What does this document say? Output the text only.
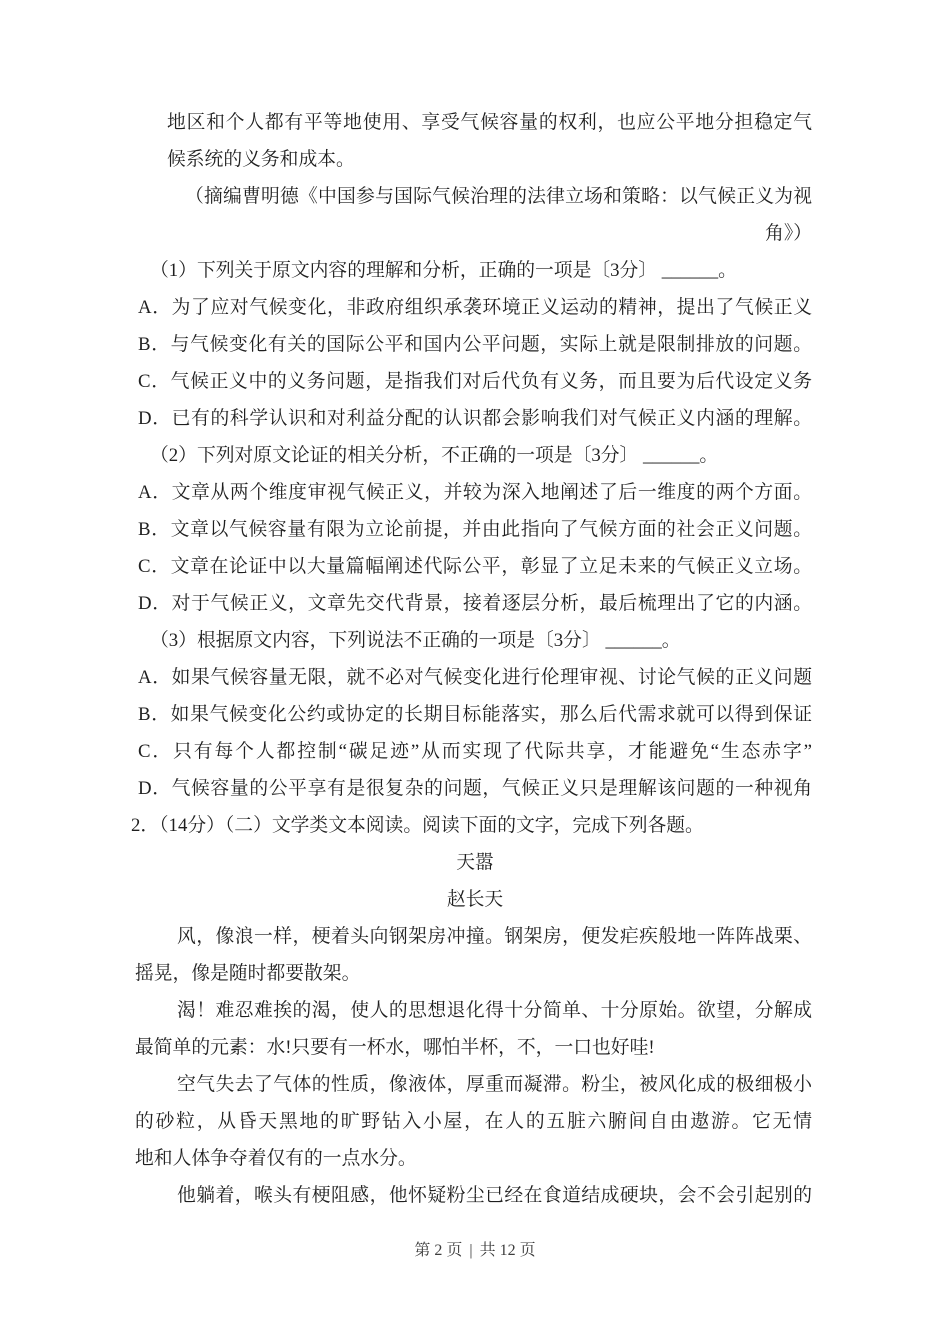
地区和个人都有平等地使用、享受气候容量的权利，也应公平地分担稳定气
候系统的义务和成本。
（摘编曹明德《中国参与国际气候治理的法律立场和策略：以气候正义为视
角》）
（1）下列关于原文内容的理解和分析，正确的一项是〔3分〕 ______。
A．为了应对气候变化，非政府组织承袭环境正义运动的精神，提出了气候正义
B．与气候变化有关的国际公平和国内公平问题，实际上就是限制排放的问题。
C．气候正义中的义务问题，是指我们对后代负有义务，而且要为后代设定义务
D．已有的科学认识和对利益分配的认识都会影响我们对气候正义内涵的理解。
（2）下列对原文论证的相关分析，不正确的一项是〔3分〕 ______。
A．文章从两个维度审视气候正义，并较为深入地阐述了后一维度的两个方面。
B．文章以气候容量有限为立论前提，并由此指向了气候方面的社会正义问题。
C．文章在论证中以大量篇幅阐述代际公平，彰显了立足未来的气候正义立场。
D．对于气候正义，文章先交代背景，接着逐层分析，最后梳理出了它的内涵。
（3）根据原文内容，下列说法不正确的一项是〔3分〕 ______。
A．如果气候容量无限，就不必对气候变化进行伦理审视、讨论气候的正义问题
B．如果气候变化公约或协定的长期目标能落实，那么后代需求就可以得到保证
C．只有每个人都控制“碳足迹”从而实现了代际共享，才能避免“生态赤字”
D．气候容量的公平享有是很复杂的问题，气候正义只是理解该问题的一种视角
2．（14分）（二）文学类文本阅读。阅读下面的文字，完成下列各题。
天嚣
赵长天
风，像浪一样，梗着头向钢架房冲撞。钢架房，便发疟疾般地一阵阵战栗、
摇晃，像是随时都要散架。
渴！难忍难挨的渴，使人的思想退化得十分简单、十分原始。欲望，分解成
最简单的元素：水!只要有一杯水，哪怕半杯，不，一口也好哇!
空气失去了气体的性质，像液体，厚重而凝滞。粉尘，被风化成的极细极小
的砂粒，从昏天黑地的旷野钻入小屋，在人的五脏六腑间自由遨游。它无情
地和人体争夺着仅有的一点水分。
他躺着，喉头有梗阻感，他怀疑粉尘已经在食道结成硬块，会不会引起别的
第 2 页 | 共 12 页
